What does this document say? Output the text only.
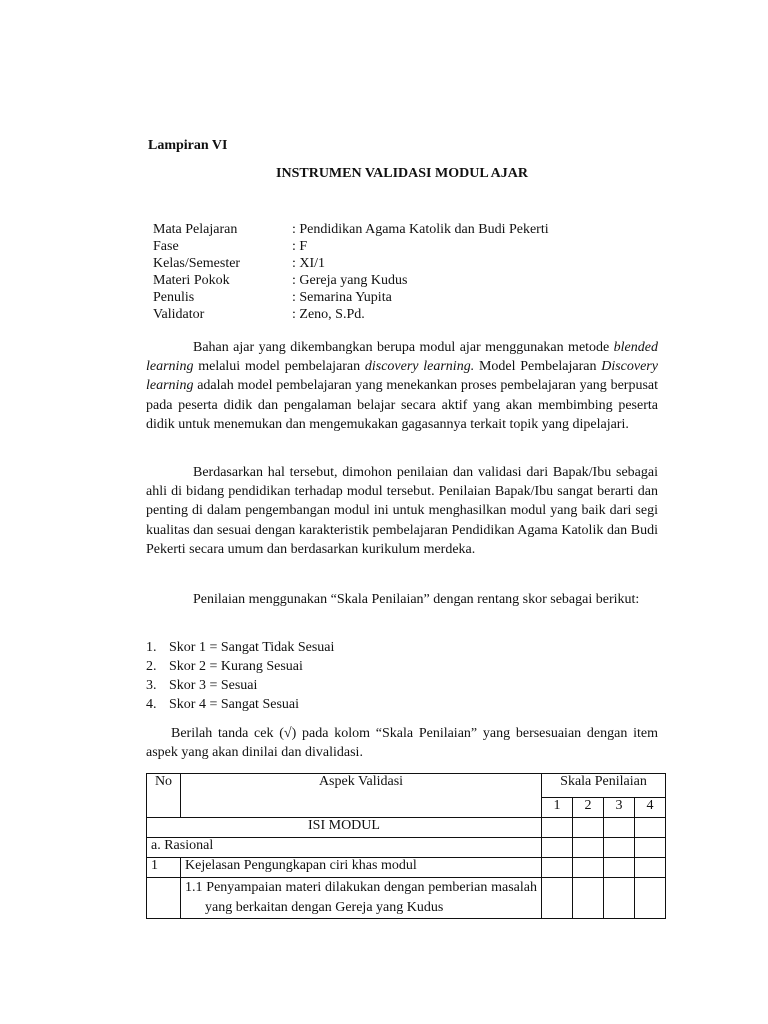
Lampiran VI
INSTRUMEN VALIDASI MODUL AJAR
Mata Pelajaran	: Pendidikan Agama Katolik dan Budi Pekerti
Fase	: F
Kelas/Semester	: XI/1
Materi Pokok	: Gereja yang Kudus
Penulis	: Semarina Yupita
Validator	: Zeno, S.Pd.

Bahan ajar yang dikembangkan berupa modul ajar menggunakan metode blended learning melalui model pembelajaran discovery learning. Model Pembelajaran Discovery learning adalah model pembelajaran yang menekankan proses pembelajaran yang berpusat pada peserta didik dan pengalaman belajar secara aktif yang akan membimbing peserta didik untuk menemukan dan mengemukakan gagasannya terkait topik yang dipelajari.

Berdasarkan hal tersebut, dimohon penilaian dan validasi dari Bapak/Ibu sebagai ahli di bidang pendidikan terhadap modul tersebut. Penilaian Bapak/Ibu sangat berarti dan penting di dalam pengembangan modul ini untuk menghasilkan modul yang baik dari segi kualitas dan sesuai dengan karakteristik pembelajaran Pendidikan Agama Katolik dan Budi Pekerti secara umum dan berdasarkan kurikulum merdeka.

Penilaian menggunakan “Skala Penilaian” dengan rentang skor sebagai berikut:

1. Skor 1 = Sangat Tidak Sesuai
2. Skor 2 = Kurang Sesuai
3. Skor 3 = Sesuai
4. Skor 4 = Sangat Sesuai

Berilah tanda cek (√) pada kolom “Skala Penilaian” yang bersesuaian dengan item aspek yang akan dinilai dan divalidasi.

No	Aspek Validasi	Skala Penilaian			
		1	2	3	4
ISI MODUL					
a. Rasional					
1	Kejelasan Pengungkapan ciri khas modul				
	1.1 Penyampaian materi dilakukan dengan pemberian masalah yang berkaitan dengan Gereja yang Kudus				
